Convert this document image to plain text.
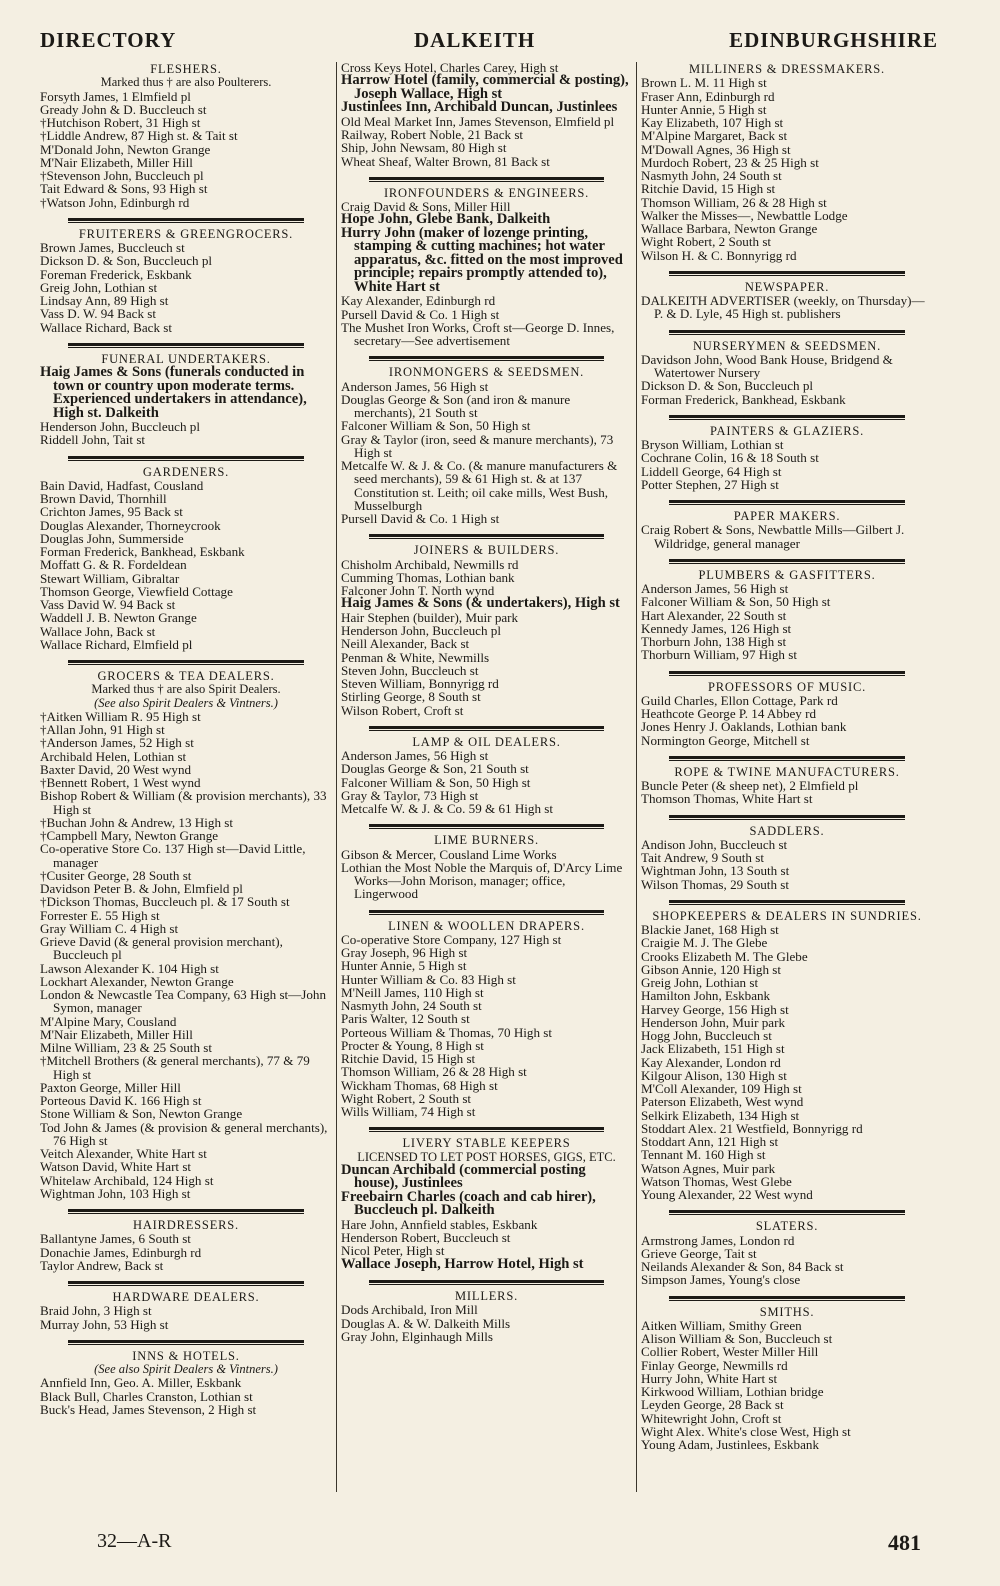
DIRECTORY	DALKEITH	EDINBURGHSHIRE
FLESHERS.
Marked thus † are also Poulterers.
Forsyth James, 1 Elmfield pl
Gready John & D. Buccleuch st
†Hutchison Robert, 31 High st
†Liddle Andrew, 87 High st. & Tait st
M'Donald John, Newton Grange
M'Nair Elizabeth, Miller Hill
†Stevenson John, Buccleuch pl
Tait Edward & Sons, 93 High st
†Watson John, Edinburgh rd
FRUITERERS & GREENGROCERS.
Brown James, Buccleuch st
Dickson D. & Son, Buccleuch pl
Foreman Frederick, Eskbank
Greig John, Lothian st
Lindsay Ann, 89 High st
Vass D. W. 94 Back st
Wallace Richard, Back st
FUNERAL UNDERTAKERS.
Haig James & Sons (funerals conducted in town or country upon moderate terms. Experienced undertakers in attendance), High st. Dalkeith
Henderson John, Buccleuch pl
Riddell John, Tait st
GARDENERS.
Bain David, Hadfast, Cousland
Brown David, Thornhill
Crichton James, 95 Back st
Douglas Alexander, Thorneycrook
Douglas John, Summerside
Forman Frederick, Bankhead, Eskbank
Moffatt G. & R. Fordeldean
Stewart William, Gibraltar
Thomson George, Viewfield Cottage
Vass David W. 94 Back st
Waddell J. B. Newton Grange
Wallace John, Back st
Wallace Richard, Elmfield pl
GROCERS & TEA DEALERS.
Marked thus † are also Spirit Dealers.
(See also Spirit Dealers & Vintners.)
†Aitken William R. 95 High st
†Allan John, 91 High st
†Anderson James, 52 High st
Archibald Helen, Lothian st
Baxter David, 20 West wynd
†Bennett Robert, 1 West wynd
Bishop Robert & William (& provision merchants), 33 High st
†Buchan John & Andrew, 13 High st
†Campbell Mary, Newton Grange
Co-operative Store Co. 137 High st—David Little, manager
†Cusiter George, 28 South st
Davidson Peter B. & John, Elmfield pl
†Dickson Thomas, Buccleuch pl. & 17 South st
Forrester E. 55 High st
Gray William C. 4 High st
Grieve David (& general provision merchant), Buccleuch pl
Lawson Alexander K. 104 High st
Lockhart Alexander, Newton Grange
London & Newcastle Tea Company, 63 High st—John Symon, manager
M'Alpine Mary, Cousland
M'Nair Elizabeth, Miller Hill
Milne William, 23 & 25 South st
†Mitchell Brothers (& general merchants), 77 & 79 High st
Paxton George, Miller Hill
Porteous David K. 166 High st
Stone William & Son, Newton Grange
Tod John & James (& provision & general merchants), 76 High st
Veitch Alexander, White Hart st
Watson David, White Hart st
Whitelaw Archibald, 124 High st
Wightman John, 103 High st
HAIRDRESSERS.
Ballantyne James, 6 South st
Donachie James, Edinburgh rd
Taylor Andrew, Back st
HARDWARE DEALERS.
Braid John, 3 High st
Murray John, 53 High st
INNS & HOTELS.
(See also Spirit Dealers & Vintners.)
Annfield Inn, Geo. A. Miller, Eskbank
Black Bull, Charles Cranston, Lothian st
Buck's Head, James Stevenson, 2 High st
Cross Keys Hotel, Charles Carey, High st
Harrow Hotel (family, commercial & posting), Joseph Wallace, High st
Justinlees Inn, Archibald Duncan, Justinlees
Old Meal Market Inn, James Stevenson, Elmfield pl
Railway, Robert Noble, 21 Back st
Ship, John Newsam, 80 High st
Wheat Sheaf, Walter Brown, 81 Back st
IRONFOUNDERS & ENGINEERS.
Craig David & Sons, Miller Hill
Hope John, Glebe Bank, Dalkeith
Hurry John (maker of lozenge printing, stamping & cutting machines; hot water apparatus, &c. fitted on the most improved principle; repairs promptly attended to), White Hart st
Kay Alexander, Edinburgh rd
Pursell David & Co. 1 High st
The Mushet Iron Works, Croft st—George D. Innes, secretary—See advertisement
IRONMONGERS & SEEDSMEN.
Anderson James, 56 High st
Douglas George & Son (and iron & manure merchants), 21 South st
Falconer William & Son, 50 High st
Gray & Taylor (iron, seed & manure merchants), 73 High st
Metcalfe W. & J. & Co. (& manure manufacturers & seed merchants), 59 & 61 High st. & at 137 Constitution st. Leith; oil cake mills, West Bush, Musselburgh
Pursell David & Co. 1 High st
JOINERS & BUILDERS.
Chisholm Archibald, Newmills rd
Cumming Thomas, Lothian bank
Falconer John T. North wynd
Haig James & Sons (& undertakers), High st
Hair Stephen (builder), Muir park
Henderson John, Buccleuch pl
Neill Alexander, Back st
Penman & White, Newmills
Steven John, Buccleuch st
Steven William, Bonnyrigg rd
Stirling George, 8 South st
Wilson Robert, Croft st
LAMP & OIL DEALERS.
Anderson James, 56 High st
Douglas George & Son, 21 South st
Falconer William & Son, 50 High st
Gray & Taylor, 73 High st
Metcalfe W. & J. & Co. 59 & 61 High st
LIME BURNERS.
Gibson & Mercer, Cousland Lime Works
Lothian the Most Noble the Marquis of, D'Arcy Lime Works—John Morison, manager; office, Lingerwood
LINEN & WOOLLEN DRAPERS.
Co-operative Store Company, 127 High st
Gray Joseph, 96 High st
Hunter Annie, 5 High st
Hunter William & Co. 83 High st
M'Neill James, 110 High st
Nasmyth John, 24 South st
Paris Walter, 12 South st
Porteous William & Thomas, 70 High st
Procter & Young, 8 High st
Ritchie David, 15 High st
Thomson William, 26 & 28 High st
Wickham Thomas, 68 High st
Wight Robert, 2 South st
Wills William, 74 High st
LIVERY STABLE KEEPERS
LICENSED TO LET POST HORSES, GIGS, ETC.
Duncan Archibald (commercial posting house), Justinlees
Freebairn Charles (coach and cab hirer), Buccleuch pl. Dalkeith
Hare John, Annfield stables, Eskbank
Henderson Robert, Buccleuch st
Nicol Peter, High st
Wallace Joseph, Harrow Hotel, High st
MILLERS.
Dods Archibald, Iron Mill
Douglas A. & W. Dalkeith Mills
Gray John, Elginhaugh Mills
MILLINERS & DRESSMAKERS.
Brown L. M. 11 High st
Fraser Ann, Edinburgh rd
Hunter Annie, 5 High st
Kay Elizabeth, 107 High st
M'Alpine Margaret, Back st
M'Dowall Agnes, 36 High st
Murdoch Robert, 23 & 25 High st
Nasmyth John, 24 South st
Ritchie David, 15 High st
Thomson William, 26 & 28 High st
Walker the Misses—, Newbattle Lodge
Wallace Barbara, Newton Grange
Wight Robert, 2 South st
Wilson H. & C. Bonnyrigg rd
NEWSPAPER.
DALKEITH ADVERTISER (weekly, on Thursday)—P. & D. Lyle, 45 High st. publishers
NURSERYMEN & SEEDSMEN.
Davidson John, Wood Bank House, Bridgend & Watertower Nursery
Dickson D. & Son, Buccleuch pl
Forman Frederick, Bankhead, Eskbank
PAINTERS & GLAZIERS.
Bryson William, Lothian st
Cochrane Colin, 16 & 18 South st
Liddell George, 64 High st
Potter Stephen, 27 High st
PAPER MAKERS.
Craig Robert & Sons, Newbattle Mills—Gilbert J. Wildridge, general manager
PLUMBERS & GASFITTERS.
Anderson James, 56 High st
Falconer William & Son, 50 High st
Hart Alexander, 22 South st
Kennedy James, 126 High st
Thorburn John, 138 High st
Thorburn William, 97 High st
PROFESSORS OF MUSIC.
Guild Charles, Ellon Cottage, Park rd
Heathcote George P. 14 Abbey rd
Jones Henry J. Oaklands, Lothian bank
Normington George, Mitchell st
ROPE & TWINE MANUFACTURERS.
Buncle Peter (& sheep net), 2 Elmfield pl
Thomson Thomas, White Hart st
SADDLERS.
Andison John, Buccleuch st
Tait Andrew, 9 South st
Wightman John, 13 South st
Wilson Thomas, 29 South st
SHOPKEEPERS & DEALERS IN SUNDRIES.
Blackie Janet, 168 High st
Craigie M. J. The Glebe
Crooks Elizabeth M. The Glebe
Gibson Annie, 120 High st
Greig John, Lothian st
Hamilton John, Eskbank
Harvey George, 156 High st
Henderson John, Muir park
Hogg John, Buccleuch st
Jack Elizabeth, 151 High st
Kay Alexander, London rd
Kilgour Alison, 130 High st
M'Coll Alexander, 109 High st
Paterson Elizabeth, West wynd
Selkirk Elizabeth, 134 High st
Stoddart Alex. 21 Westfield, Bonnyrigg rd
Stoddart Ann, 121 High st
Tennant M. 160 High st
Watson Agnes, Muir park
Watson Thomas, West Glebe
Young Alexander, 22 West wynd
SLATERS.
Armstrong James, London rd
Grieve George, Tait st
Neilands Alexander & Son, 84 Back st
Simpson James, Young's close
SMITHS.
Aitken William, Smithy Green
Alison William & Son, Buccleuch st
Collier Robert, Wester Miller Hill
Finlay George, Newmills rd
Hurry John, White Hart st
Kirkwood William, Lothian bridge
Leyden George, 28 Back st
Whitewright John, Croft st
Wight Alex. White's close West, High st
Young Adam, Justinlees, Eskbank
32—A-R	481
